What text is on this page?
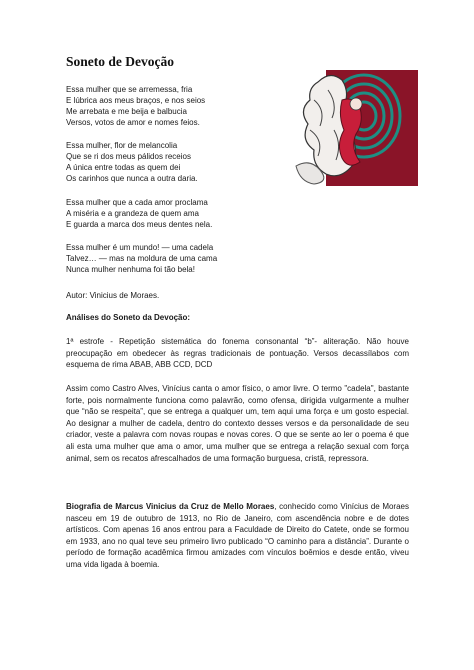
Soneto de Devoção
Essa mulher que se arremessa, fria
E lúbrica aos meus braços, e nos seios
Me arrebata e me beija e balbucia
Versos, votos de amor e nomes feios.
Essa mulher, flor de melancolia
Que se ri dos meus pálidos receios
A única entre todas as quem dei
Os carinhos que nunca a outra daria.
Essa mulher que a cada amor proclama
A miséria e a grandeza de quem ama
E guarda a marca dos meus dentes nela.
Essa mulher é um mundo! — uma cadela
Talvez… — mas na moldura de uma cama
Nunca mulher nenhuma foi tão bela!
Autor: Vinicius de Moraes.
Análises do Soneto da Devoção:

1ª estrofe - Repetição sistemática do fonema consonantal “b”- aliteração. Não houve preocupação em obedecer às regras tradicionais de pontuação. Versos decassílabos com esquema de rima ABAB, ABB CCD, DCD

Assim como Castro Alves, Vinícius canta o amor físico, o amor livre. O termo "cadela", bastante forte, pois normalmente funciona como palavrão, como ofensa, dirigida vulgarmente a mulher que “não se respeita”, que se entrega a qualquer um, tem aqui uma força e um gosto especial. Ao designar a mulher de cadela, dentro do contexto desses versos e da personalidade de seu criador, veste a palavra com novas roupas e novas cores. O que se sente ao ler o poema é que ali esta uma mulher que ama o amor, uma mulher que se entrega a relação sexual com força animal, sem os recatos afrescalhados de uma formação burguesa, cristã, repressora.

Biografia de Marcus Vinicius da Cruz de Mello Moraes, conhecido como Vinícius de Moraes nasceu em 19 de outubro de 1913, no Rio de Janeiro, com ascendência nobre e de dotes artísticos. Com apenas 16 anos entrou para a Faculdade de Direito do Catete, onde se formou em 1933, ano no qual teve seu primeiro livro publicado “O caminho para a distância”. Durante o período de formação acadêmica firmou amizades com vínculos boêmios e desde então, viveu uma vida ligada à boemia.
